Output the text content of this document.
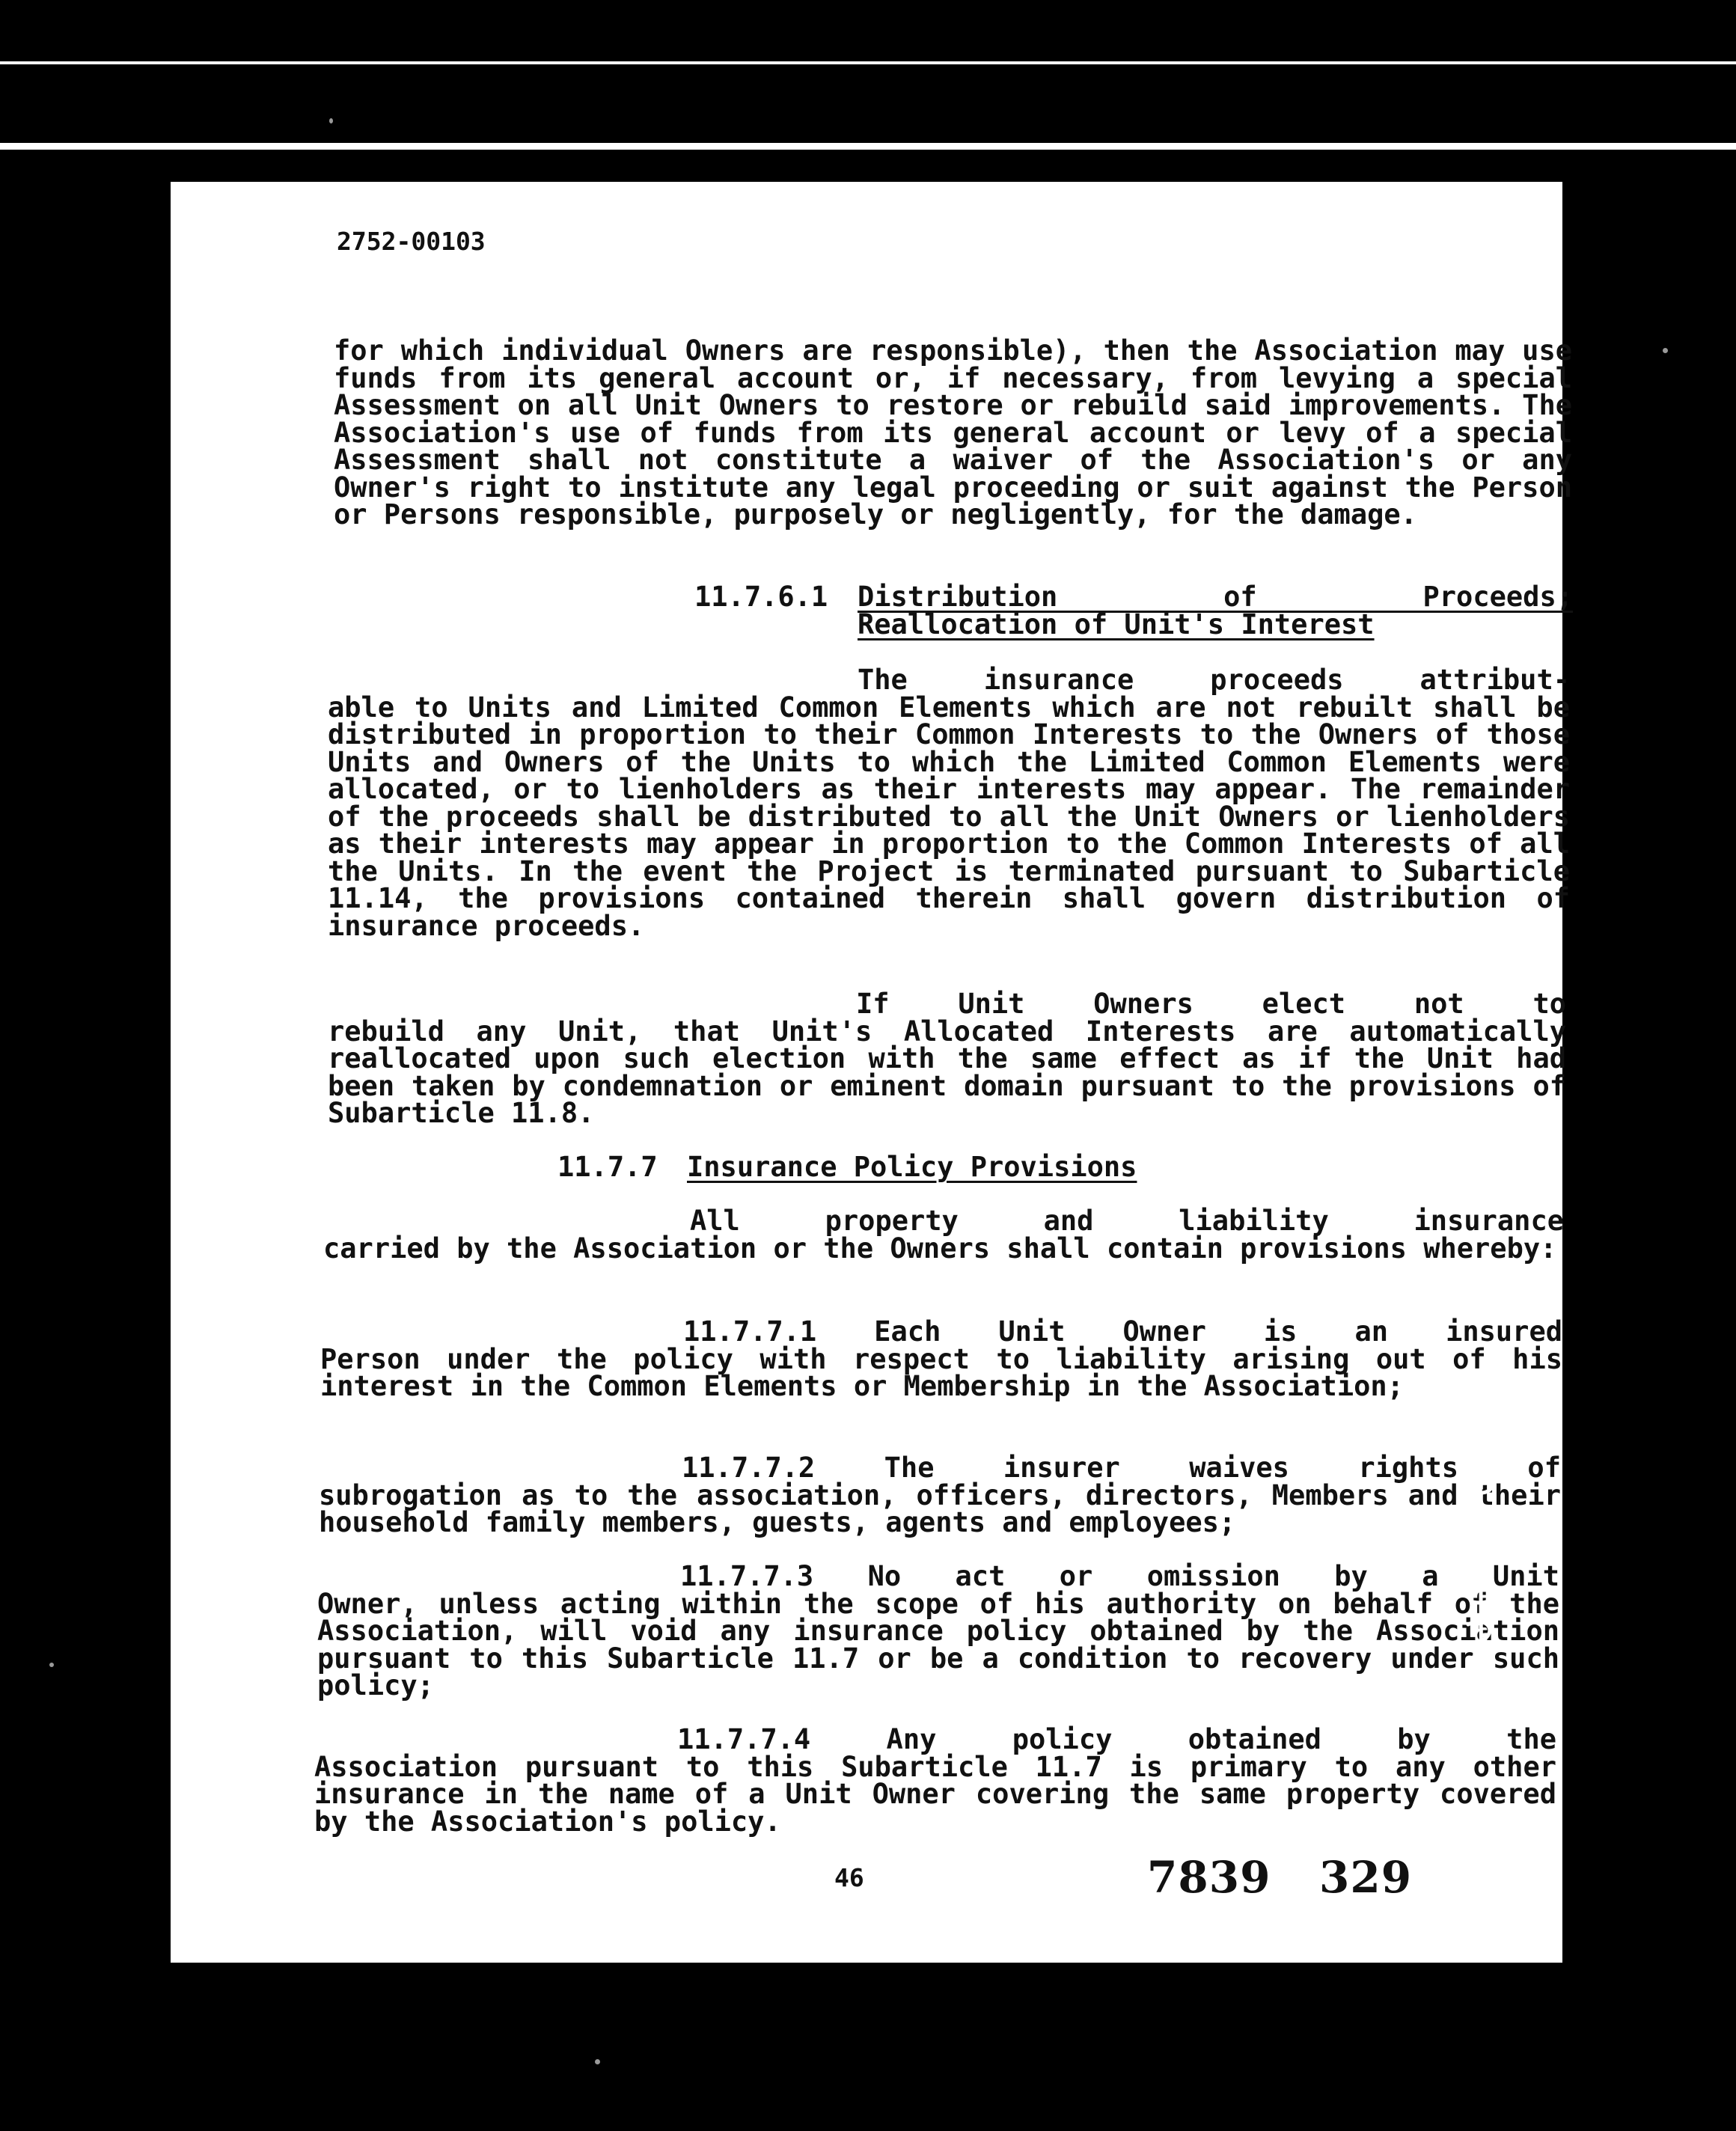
2752-00103
for which individual Owners are responsible), then the Association may use funds from its general account or, if necessary, from levying a special Assessment on all Unit Owners to restore or rebuild said improvements. The Association's use of funds from its general account or levy of a special Assessment shall not constitute a waiver of the Association's or any Owner's right to institute any legal proceeding or suit against the Person or Persons responsible, purposely or negligently, for the damage.
11.7.6.1 Distribution of Proceeds;
Reallocation of Unit's Interest
The insurance proceeds attribut-
able to Units and Limited Common Elements which are not rebuilt shall be distributed in proportion to their Common Interests to the Owners of those Units and Owners of the Units to which the Limited Common Elements were allocated, or to lienholders as their interests may appear. The remainder of the proceeds shall be distributed to all the Unit Owners or lienholders as their interests may appear in proportion to the Common Interests of all the Units. In the event the Project is terminated pursuant to Subarticle 11.14, the provisions contained therein shall govern distribution of insurance proceeds.
If Unit Owners elect not to
rebuild any Unit, that Unit's Allocated Interests are automatically reallocated upon such election with the same effect as if the Unit had been taken by condemnation or eminent domain pursuant to the provisions of Subarticle 11.8.
11.7.7 Insurance Policy Provisions
All property and liability insurance
carried by the Association or the Owners shall contain provisions whereby:
11.7.7.1 Each Unit Owner is an insured
Person under the policy with respect to liability arising out of his interest in the Common Elements or Membership in the Association;
11.7.7.2 The insurer waives rights of
subrogation as to the association, officers, directors, Members and their household family members, guests, agents and employees;
11.7.7.3 No act or omission by a Unit
Owner, unless acting within the scope of his authority on behalf of the Association, will void any insurance policy obtained by the Association pursuant to this Subarticle 11.7 or be a condition to recovery under such policy;
11.7.7.4 Any policy obtained by the
Association pursuant to this Subarticle 11.7 is primary to any other insurance in the name of a Unit Owner covering the same property covered by the Association's policy.
46	7839 329
